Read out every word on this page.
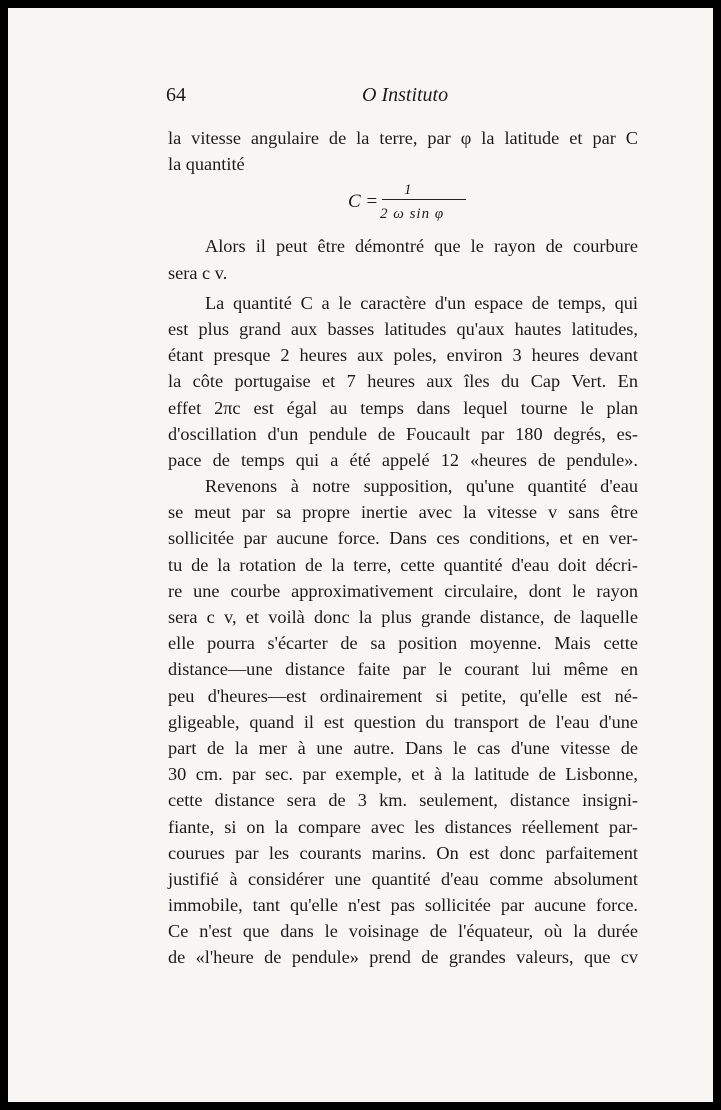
64	O Instituto
la vitesse angulaire de la terre, par φ la latitude et par C
la quantité
C =
1
2 ω sin φ
Alors il peut être démontré que le rayon de courbure
sera c v.
La quantité C a le caractère d'un espace de temps, qui
est plus grand aux basses latitudes qu'aux hautes latitudes,
étant presque 2 heures aux poles, environ 3 heures devant
la côte portugaise et 7 heures aux îles du Cap Vert. En
effet 2πc est égal au temps dans lequel tourne le plan
d'oscillation d'un pendule de Foucault par 180 degrés, es-
pace de temps qui a été appelé 12 «heures de pendule».
Revenons à notre supposition, qu'une quantité d'eau
se meut par sa propre inertie avec la vitesse v sans être
sollicitée par aucune force. Dans ces conditions, et en ver-
tu de la rotation de la terre, cette quantité d'eau doit décri-
re une courbe approximativement circulaire, dont le rayon
sera c v, et voilà donc la plus grande distance, de laquelle
elle pourra s'écarter de sa position moyenne. Mais cette
distance—une distance faite par le courant lui même en
peu d'heures—est ordinairement si petite, qu'elle est né-
gligeable, quand il est question du transport de l'eau d'une
part de la mer à une autre. Dans le cas d'une vitesse de
30 cm. par sec. par exemple, et à la latitude de Lisbonne,
cette distance sera de 3 km. seulement, distance insigni-
fiante, si on la compare avec les distances réellement par-
courues par les courants marins. On est donc parfaitement
justifié à considérer une quantité d'eau comme absolument
immobile, tant qu'elle n'est pas sollicitée par aucune force.
Ce n'est que dans le voisinage de l'équateur, où la durée
de «l'heure de pendule» prend de grandes valeurs, que cv
